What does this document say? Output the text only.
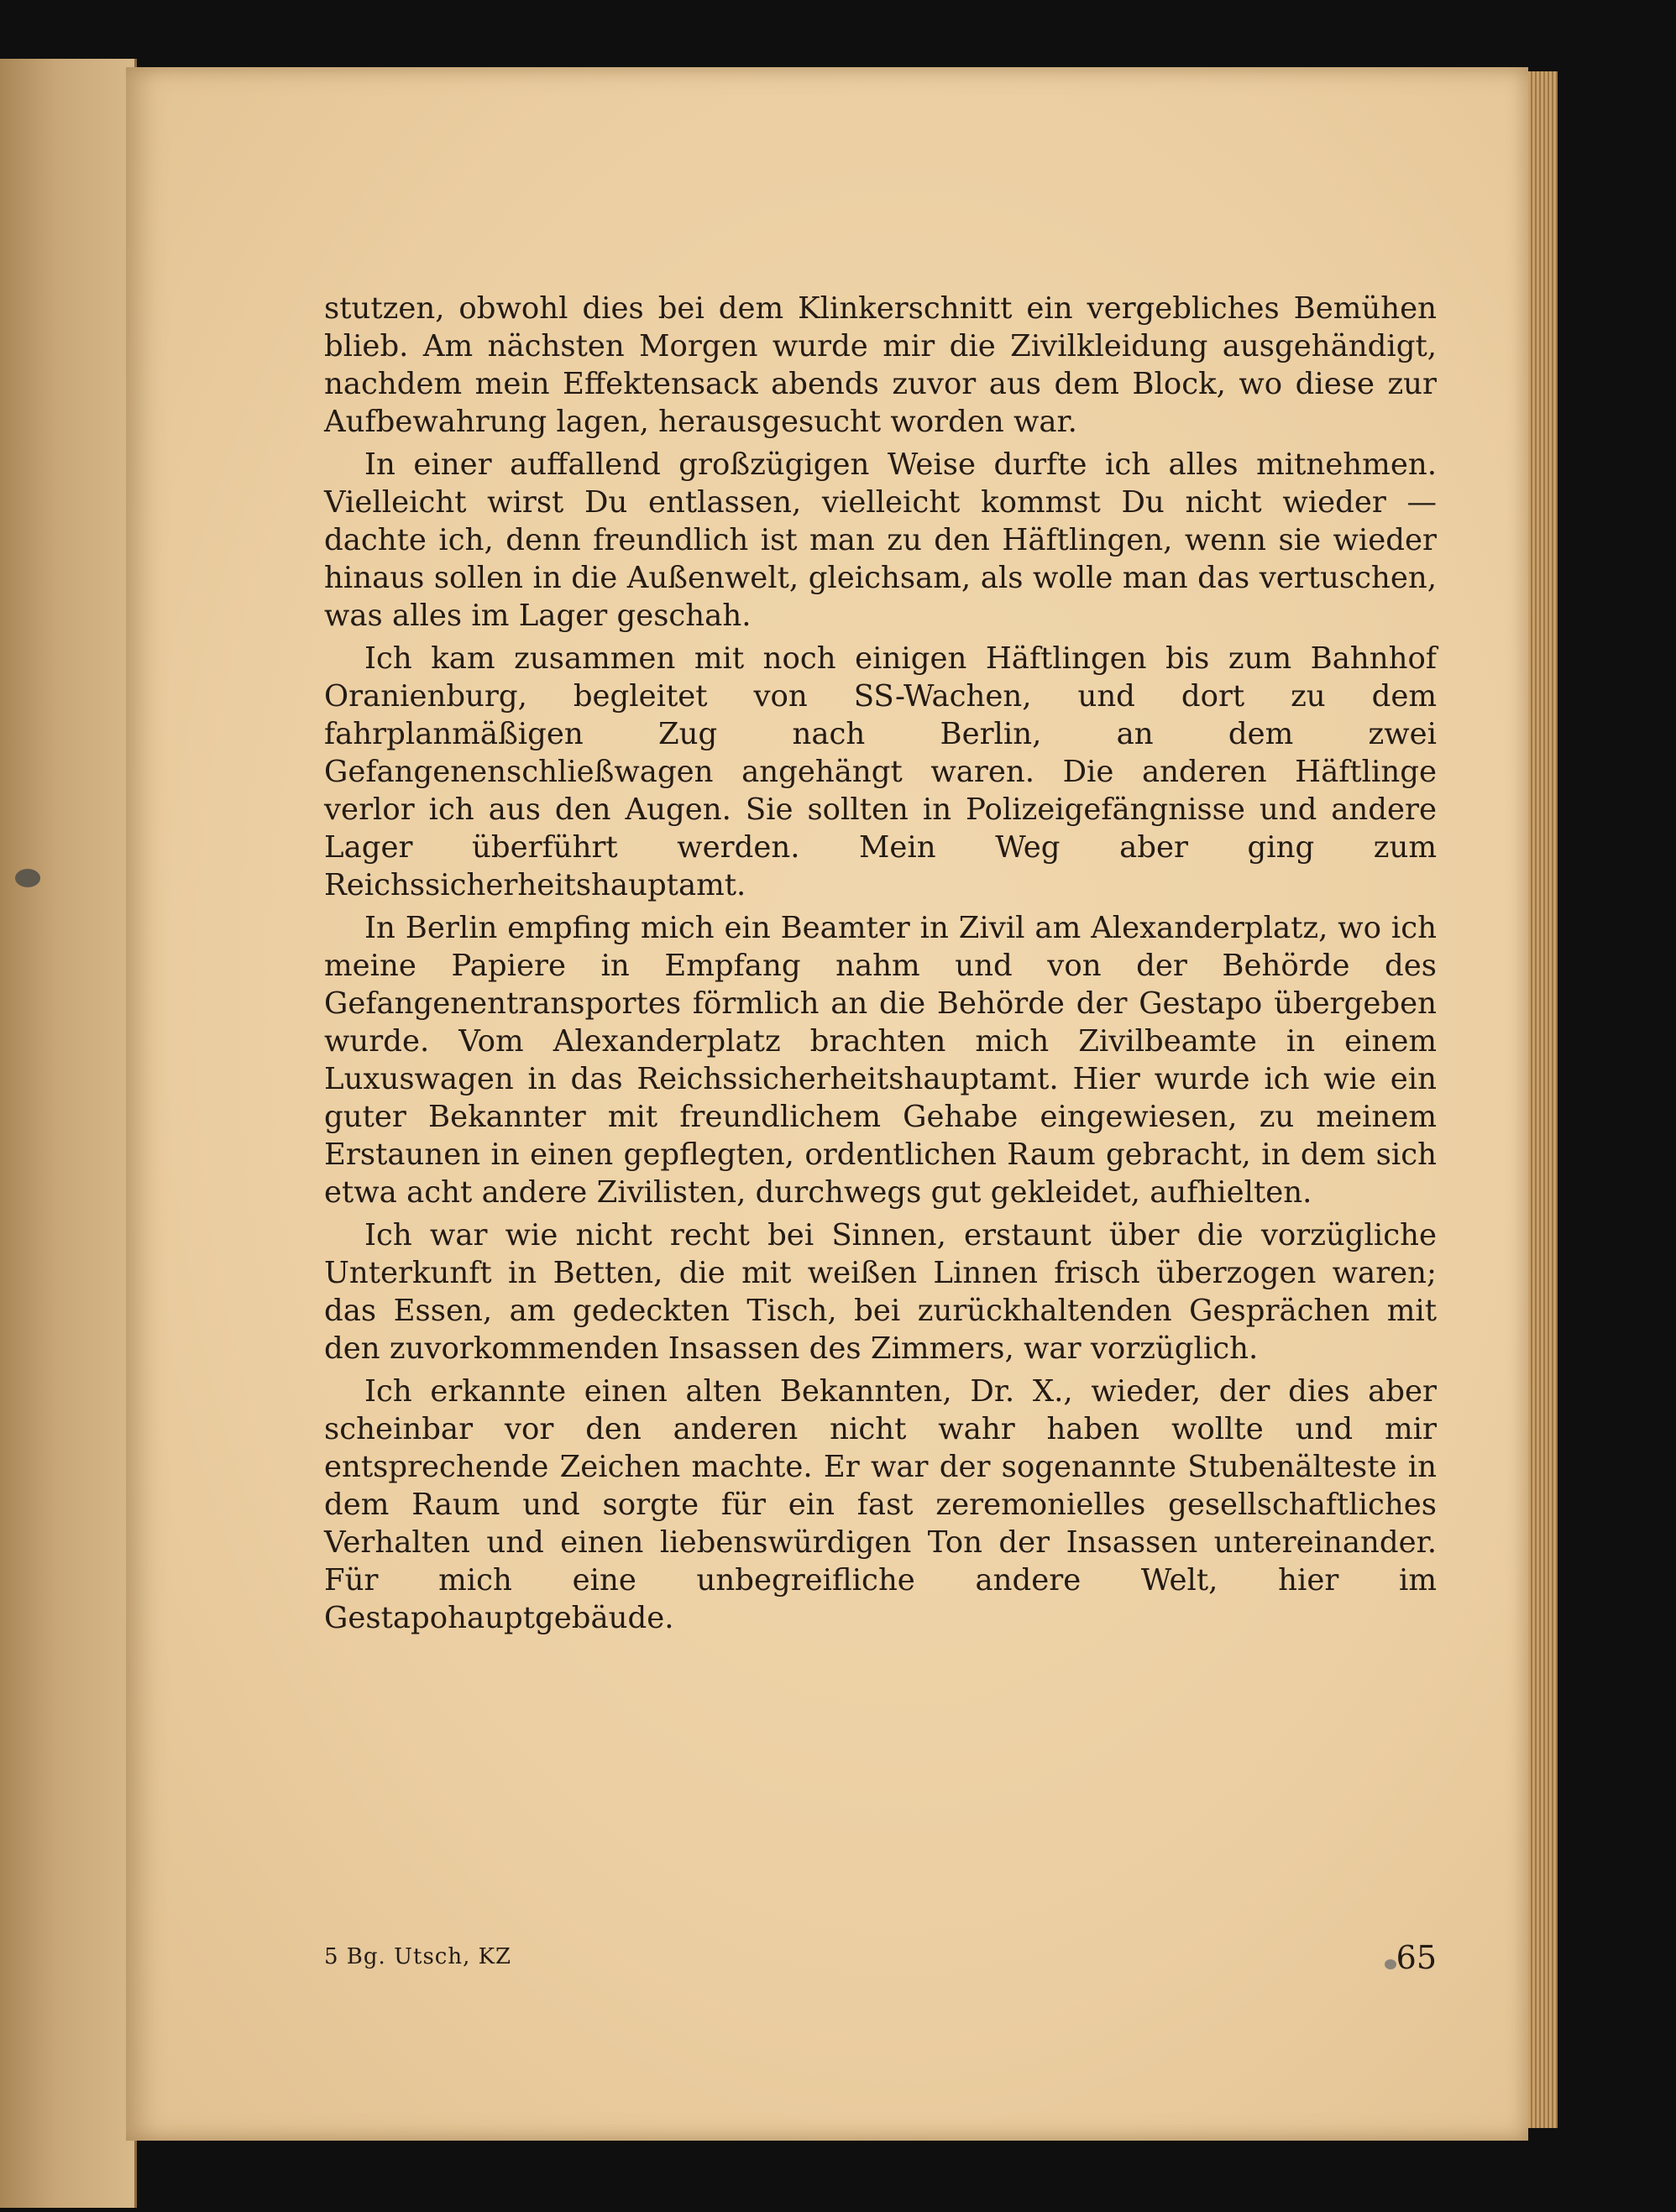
stutzen, obwohl dies bei dem Klinkerschnitt ein vergebliches Bemühen blieb. Am nächsten Morgen wurde mir die Zivilkleidung ausgehändigt, nachdem mein Effektensack abends zuvor aus dem Block, wo diese zur Aufbewahrung lagen, herausgesucht worden war.

In einer auffallend großzügigen Weise durfte ich alles mitnehmen. Vielleicht wirst Du entlassen, vielleicht kommst Du nicht wieder — dachte ich, denn freundlich ist man zu den Häftlingen, wenn sie wieder hinaus sollen in die Außenwelt, gleichsam, als wolle man das vertuschen, was alles im Lager geschah.

Ich kam zusammen mit noch einigen Häftlingen bis zum Bahnhof Oranienburg, begleitet von SS-Wachen, und dort zu dem fahrplanmäßigen Zug nach Berlin, an dem zwei Gefangenenschließwagen angehängt waren. Die anderen Häftlinge verlor ich aus den Augen. Sie sollten in Polizeigefängnisse und andere Lager überführt werden. Mein Weg aber ging zum Reichssicherheitshauptamt.

In Berlin empfing mich ein Beamter in Zivil am Alexanderplatz, wo ich meine Papiere in Empfang nahm und von der Behörde des Gefangenentransportes förmlich an die Behörde der Gestapo übergeben wurde. Vom Alexanderplatz brachten mich Zivilbeamte in einem Luxuswagen in das Reichssicherheitshauptamt. Hier wurde ich wie ein guter Bekannter mit freundlichem Gehabe eingewiesen, zu meinem Erstaunen in einen gepflegten, ordentlichen Raum gebracht, in dem sich etwa acht andere Zivilisten, durchwegs gut gekleidet, aufhielten.

Ich war wie nicht recht bei Sinnen, erstaunt über die vorzügliche Unterkunft in Betten, die mit weißen Linnen frisch überzogen waren; das Essen, am gedeckten Tisch, bei zurückhaltenden Gesprächen mit den zuvorkommenden Insassen des Zimmers, war vorzüglich.

Ich erkannte einen alten Bekannten, Dr. X., wieder, der dies aber scheinbar vor den anderen nicht wahr haben wollte und mir entsprechende Zeichen machte. Er war der sogenannte Stubenälteste in dem Raum und sorgte für ein fast zeremonielles gesellschaftliches Verhalten und einen liebenswürdigen Ton der Insassen untereinander. Für mich eine unbegreifliche andere Welt, hier im Gestapohauptgebäude.

5 Bg. Utsch, KZ	65
